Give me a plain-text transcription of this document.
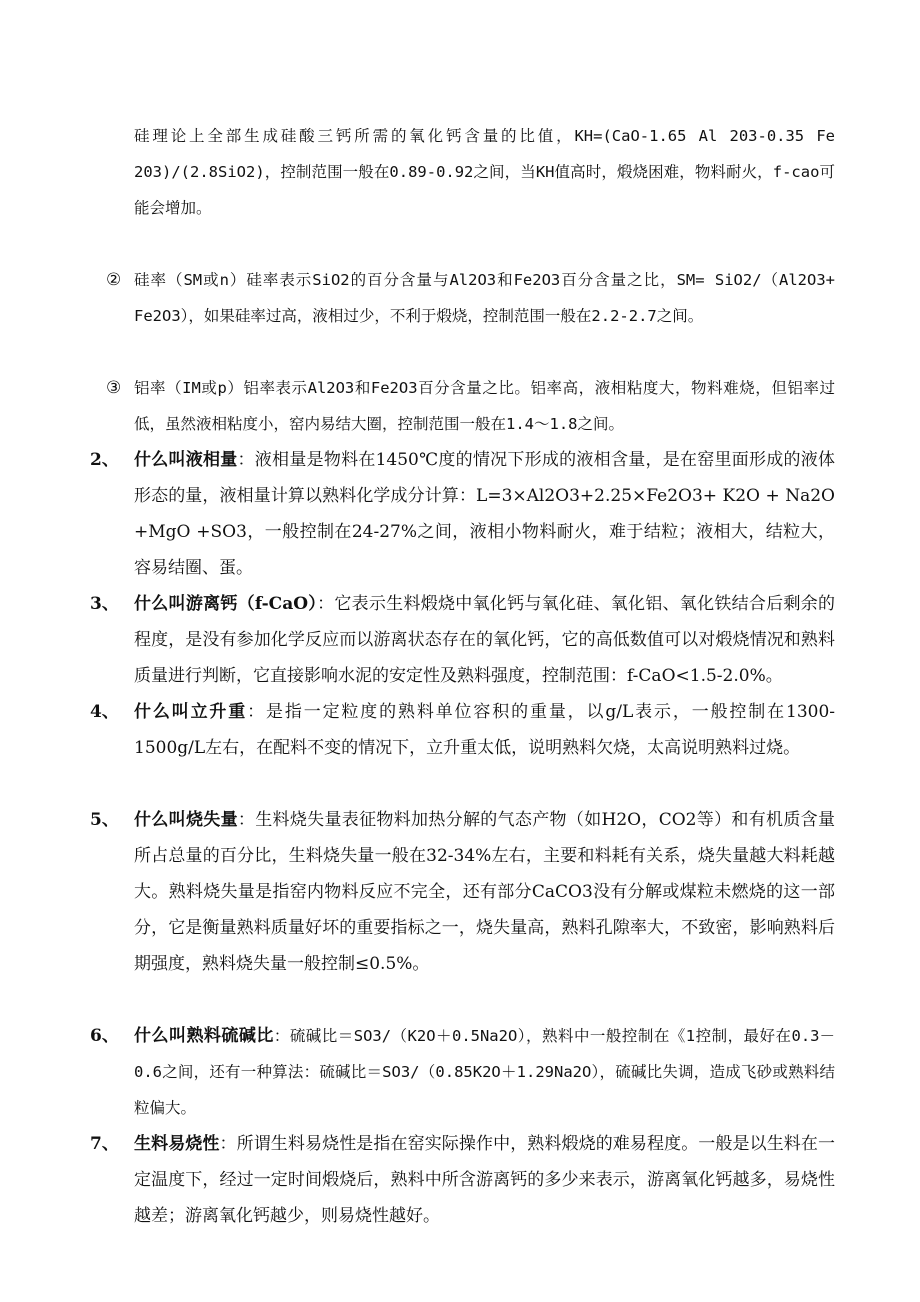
硅理论上全部生成硅酸三钙所需的氧化钙含量的比值，KH=(CaO-1.65 Al 203-0.35 Fe 203)/(2.8SiO2)，控制范围一般在0.89-0.92之间，当KH值高时，煅烧困难，物料耐火，f-cao可能会增加。
② 硅率（SM或n）硅率表示SiO2的百分含量与Al2O3和Fe2O3百分含量之比，SM= SiO2/（Al2O3+ Fe2O3），如果硅率过高，液相过少，不利于煅烧，控制范围一般在2.2-2.7之间。
③ 铝率（IM或p）铝率表示Al2O3和Fe2O3百分含量之比。铝率高，液相粘度大，物料难烧，但铝率过低，虽然液相粘度小，窑内易结大圈，控制范围一般在1.4～1.8之间。
2、 什么叫液相量：液相量是物料在1450℃度的情况下形成的液相含量，是在窑里面形成的液体形态的量，液相量计算以熟料化学成分计算：L=3×Al2O3+2.25×Fe2O3+ K2O + Na2O +MgO +SO3，一般控制在24-27%之间，液相小物料耐火，难于结粒；液相大，结粒大，容易结圈、蛋。
3、 什么叫游离钙（f-CaO）：它表示生料煅烧中氧化钙与氧化硅、氧化铝、氧化铁结合后剩余的程度，是没有参加化学反应而以游离状态存在的氧化钙，它的高低数值可以对煅烧情况和熟料质量进行判断，它直接影响水泥的安定性及熟料强度，控制范围：f-CaO<1.5-2.0%。
4、 什么叫立升重：是指一定粒度的熟料单位容积的重量，以g/L表示，一般控制在1300-1500g/L左右，在配料不变的情况下，立升重太低，说明熟料欠烧，太高说明熟料过烧。
5、 什么叫烧失量：生料烧失量表征物料加热分解的气态产物（如H2O，CO2等）和有机质含量所占总量的百分比，生料烧失量一般在32-34%左右，主要和料耗有关系，烧失量越大料耗越大。熟料烧失量是指窑内物料反应不完全，还有部分CaCO3没有分解或煤粒未燃烧的这一部分，它是衡量熟料质量好坏的重要指标之一，烧失量高，熟料孔隙率大，不致密，影响熟料后期强度，熟料烧失量一般控制≤0.5%。
6、 什么叫熟料硫碱比：硫碱比＝SO3/（K2O＋0.5Na2O），熟料中一般控制在《1控制，最好在0.3－0.6之间，还有一种算法：硫碱比＝SO3/（0.85K2O＋1.29Na2O），硫碱比失调，造成飞砂或熟料结粒偏大。
7、 生料易烧性：所谓生料易烧性是指在窑实际操作中，熟料煅烧的难易程度。一般是以生料在一定温度下，经过一定时间煅烧后，熟料中所含游离钙的多少来表示，游离氧化钙越多，易烧性越差；游离氧化钙越少，则易烧性越好。
